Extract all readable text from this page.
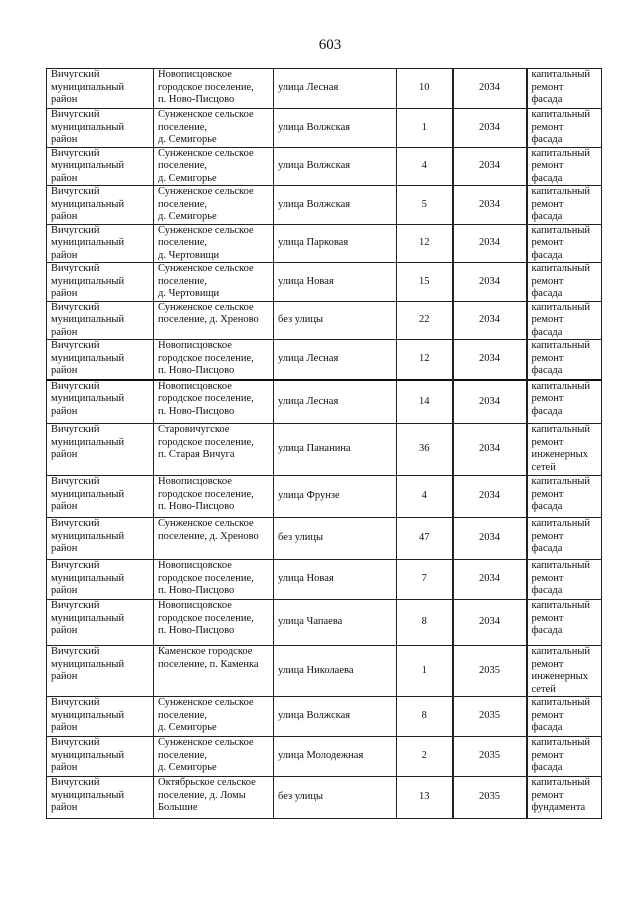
603
Вичугский
муниципальный
район	Новописцовское
городское поселение,
п. Ново-Писцово	улица Лесная	10	2034	капитальный
ремонт фасада
Вичугский
муниципальный
район	Сунженское сельское
поселение,
д. Семигорье	улица Волжская	1	2034	капитальный
ремонт фасада
Вичугский
муниципальный
район	Сунженское сельское
поселение,
д. Семигорье	улица Волжская	4	2034	капитальный
ремонт фасада
Вичугский
муниципальный
район	Сунженское сельское
поселение,
д. Семигорье	улица Волжская	5	2034	капитальный
ремонт фасада
Вичугский
муниципальный
район	Сунженское сельское
поселение,
д. Чертовищи	улица Парковая	12	2034	капитальный
ремонт фасада
Вичугский
муниципальный
район	Сунженское сельское
поселение,
д. Чертовищи	улица Новая	15	2034	капитальный
ремонт фасада
Вичугский
муниципальный
район	Сунженское сельское
поселение, д. Хреново	без улицы	22	2034	капитальный
ремонт фасада
Вичугский
муниципальный
район	Новописцовское
городское поселение,
п. Ново-Писцово	улица Лесная	12	2034	капитальный
ремонт фасада
Вичугский
муниципальный
район	Новописцовское
городское поселение,
п. Ново-Писцово	улица Лесная	14	2034	капитальный
ремонт фасада
Вичугский
муниципальный
район	Старовичугское
городское поселение,
п. Старая Вичуга	улица Пананина	36	2034	капитальный
ремонт
инженерных
сетей
Вичугский
муниципальный
район	Новописцовское
городское поселение,
п. Ново-Писцово	улица Фрунзе	4	2034	капитальный
ремонт фасада
Вичугский
муниципальный
район	Сунженское сельское
поселение, д. Хреново	без улицы	47	2034	капитальный
ремонт фасада
Вичугский
муниципальный
район	Новописцовское
городское поселение,
п. Ново-Писцово	улица Новая	7	2034	капитальный
ремонт фасада
Вичугский
муниципальный
район	Новописцовское
городское поселение,
п. Ново-Писцово	улица Чапаева	8	2034	капитальный
ремонт фасада
Вичугский
муниципальный
район	Каменское городское
поселение, п. Каменка	улица Николаева	1	2035	капитальный
ремонт
инженерных
сетей
Вичугский
муниципальный
район	Сунженское сельское
поселение,
д. Семигорье	улица Волжская	8	2035	капитальный
ремонт фасада
Вичугский
муниципальный
район	Сунженское сельское
поселение,
д. Семигорье	улица Молодежная	2	2035	капитальный
ремонт фасада
Вичугский
муниципальный
район	Октябрьское сельское
поселение, д. Ломы
Большие	без улицы	13	2035	капитальный
ремонт
фундамента
